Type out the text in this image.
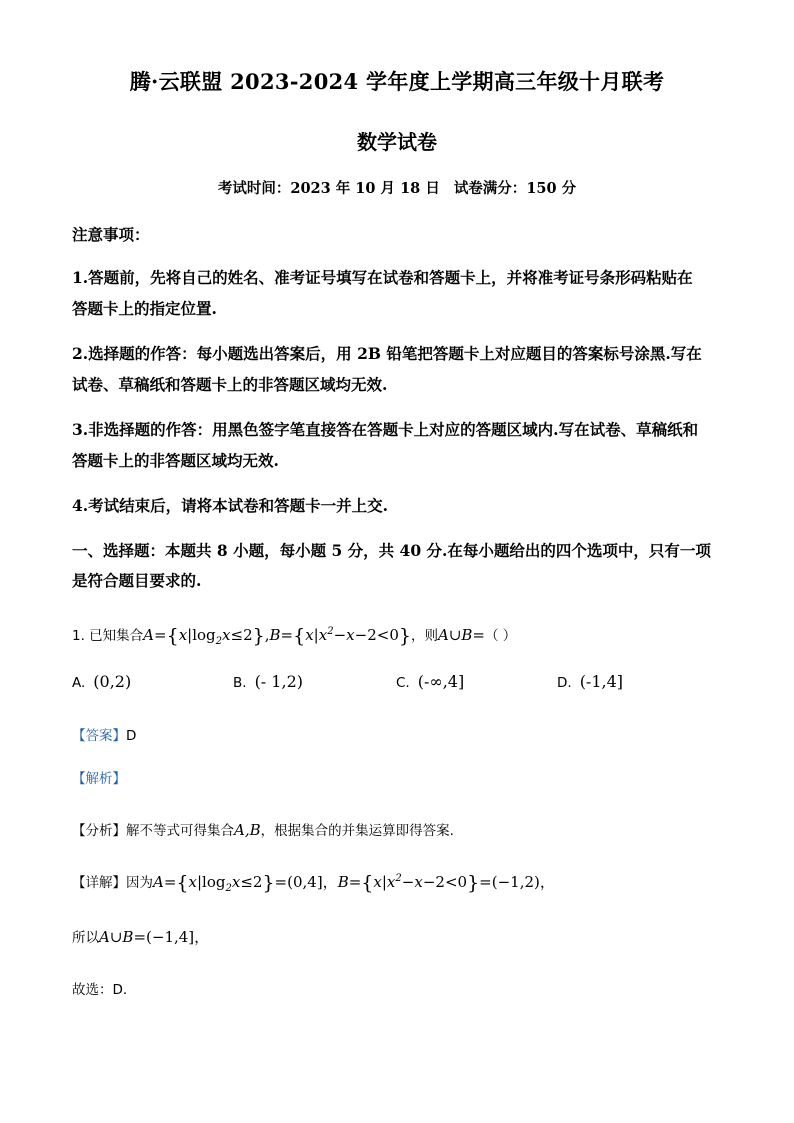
腾·云联盟 2023-2024 学年度上学期高三年级十月联考
数学试卷
考试时间：2023 年 10 月 18 日 试卷满分：150 分
注意事项：
1.答题前，先将自己的姓名、准考证号填写在试卷和答题卡上，并将准考证号条形码粘贴在
答题卡上的指定位置.
2.选择题的作答：每小题选出答案后，用 2B 铅笔把答题卡上对应题目的答案标号涂黑.写在
试卷、草稿纸和答题卡上的非答题区域均无效.
3.非选择题的作答：用黑色签字笔直接答在答题卡上对应的答题区域内.写在试卷、草稿纸和
答题卡上的非答题区域均无效.
4.考试结束后，请将本试卷和答题卡一并上交.
一、选择题：本题共 8 小题，每小题 5 分，共 40 分.在每小题给出的四个选项中，只有一项
是符合题目要求的.
1. 已知集合$A=\{x|\log_2x\le 2\},B=\{x|x^2-x-2<0\}$，则A∪B=（ ）
A. (0,2)	B. (- 1,2)	C. (-∞,4]	D. (-1,4]
【答案】D
【解析】
【分析】解不等式可得集合A,B，根据集合的并集运算即得答案.
【详解】因为$A=\{x|\log_2x\le 2\}=(0,4]$，$B=\{x|x^2-x-2<0\}=(-1,2)$，
所以A∪B=(−1,4]，
故选：D.
